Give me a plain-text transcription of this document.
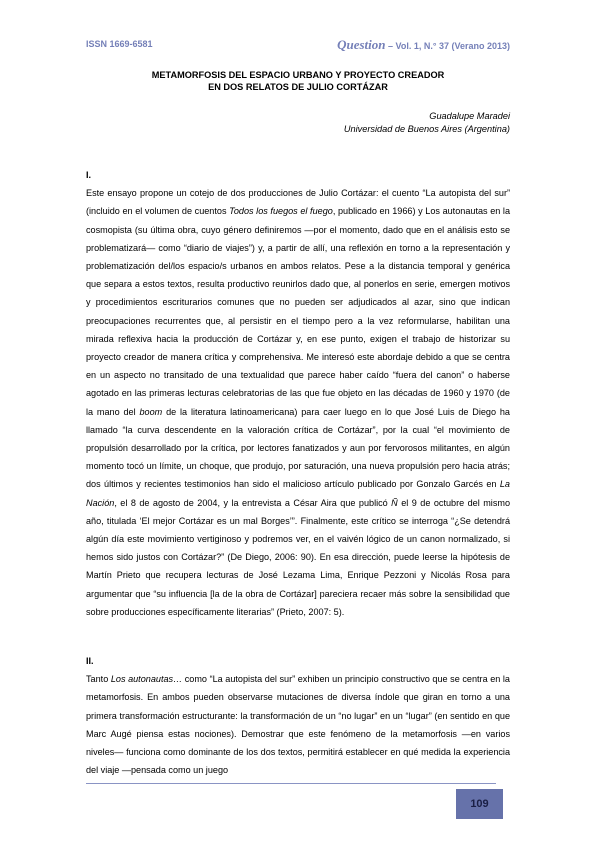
ISSN 1669-6581	Question – Vol. 1, N.° 37 (Verano 2013)
METAMORFOSIS DEL ESPACIO URBANO Y PROYECTO CREADOR
EN DOS RELATOS DE JULIO CORTÁZAR
Guadalupe Maradei
Universidad de Buenos Aires (Argentina)
I.

Este ensayo propone un cotejo de dos producciones de Julio Cortázar: el cuento “La autopista del sur” (incluido en el volumen de cuentos Todos los fuegos el fuego, publicado en 1966) y Los autonautas en la cosmopista (su última obra, cuyo género definiremos —por el momento, dado que en el análisis esto se problematizará— como “diario de viajes”) y, a partir de allí, una reflexión en torno a la representación y problematización del/los espacio/s urbanos en ambos relatos. Pese a la distancia temporal y genérica que separa a estos textos, resulta productivo reunirlos dado que, al ponerlos en serie, emergen motivos y procedimientos escriturarios comunes que no pueden ser adjudicados al azar, sino que indican preocupaciones recurrentes que, al persistir en el tiempo pero a la vez reformularse, habilitan una mirada reflexiva hacia la producción de Cortázar y, en ese punto, exigen el trabajo de historizar su proyecto creador de manera crítica y comprehensiva. Me interesó este abordaje debido a que se centra en un aspecto no transitado de una textualidad que parece haber caído “fuera del canon” o haberse agotado en las primeras lecturas celebratorias de las que fue objeto en las décadas de 1960 y 1970 (de la mano del boom de la literatura latinoamericana) para caer luego en lo que José Luis de Diego ha llamado “la curva descendente en la valoración crítica de Cortázar”, por la cual “el movimiento de propulsión desarrollado por la crítica, por lectores fanatizados y aun por fervorosos militantes, en algún momento tocó un límite, un choque, que produjo, por saturación, una nueva propulsión pero hacia atrás; dos últimos y recientes testimonios han sido el malicioso artículo publicado por Gonzalo Garcés en La Nación, el 8 de agosto de 2004, y la entrevista a César Aira que publicó Ñ el 9 de octubre del mismo año, titulada ‘El mejor Cortázar es un mal Borges’”. Finalmente, este crítico se interroga “¿Se detendrá algún día este movimiento vertiginoso y podremos ver, en el vaivén lógico de un canon normalizado, si hemos sido justos con Cortázar?” (De Diego, 2006: 90). En esa dirección, puede leerse la hipótesis de Martín Prieto que recupera lecturas de José Lezama Lima, Enrique Pezzoni y Nicolás Rosa para argumentar que “su influencia [la de la obra de Cortázar] pareciera recaer más sobre la sensibilidad que sobre producciones específicamente literarias” (Prieto, 2007: 5).

II.

Tanto Los autonautas… como “La autopista del sur” exhiben un principio constructivo que se centra en la metamorfosis. En ambos pueden observarse mutaciones de diversa índole que giran en torno a una primera transformación estructurante: la transformación de un “no lugar” en un “lugar” (en sentido en que Marc Augé piensa estas nociones). Demostrar que este fenómeno de la metamorfosis —en varios niveles— funciona como dominante de los dos textos, permitirá establecer en qué medida la experiencia del viaje —pensada como un juego

109
